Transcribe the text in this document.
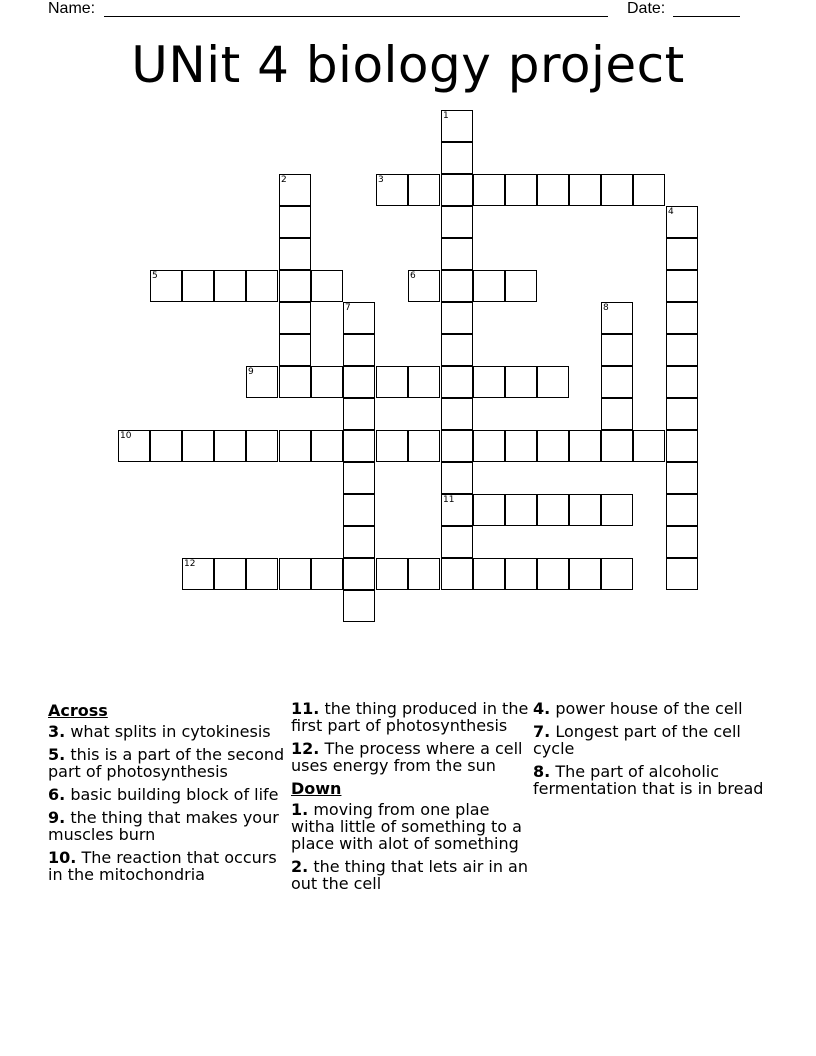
Name:	Date:
UNit 4 biology project
1
11
2	3
4
5	6
7	8
9
10
12
Across
3. what splits in cytokinesis
5. this is a part of the second part of photosynthesis
6. basic building block of life
9. the thing that makes your muscles burn
10. The reaction that occurs in the mitochondria
11. the thing produced in the first part of photosynthesis
12. The process where a cell uses energy from the sun
Down
1. moving from one plae witha little of something to a place with alot of something
2. the thing that lets air in an out the cell
4. power house of the cell
7. Longest part of the cell cycle
8. The part of alcoholic fermentation that is in bread
